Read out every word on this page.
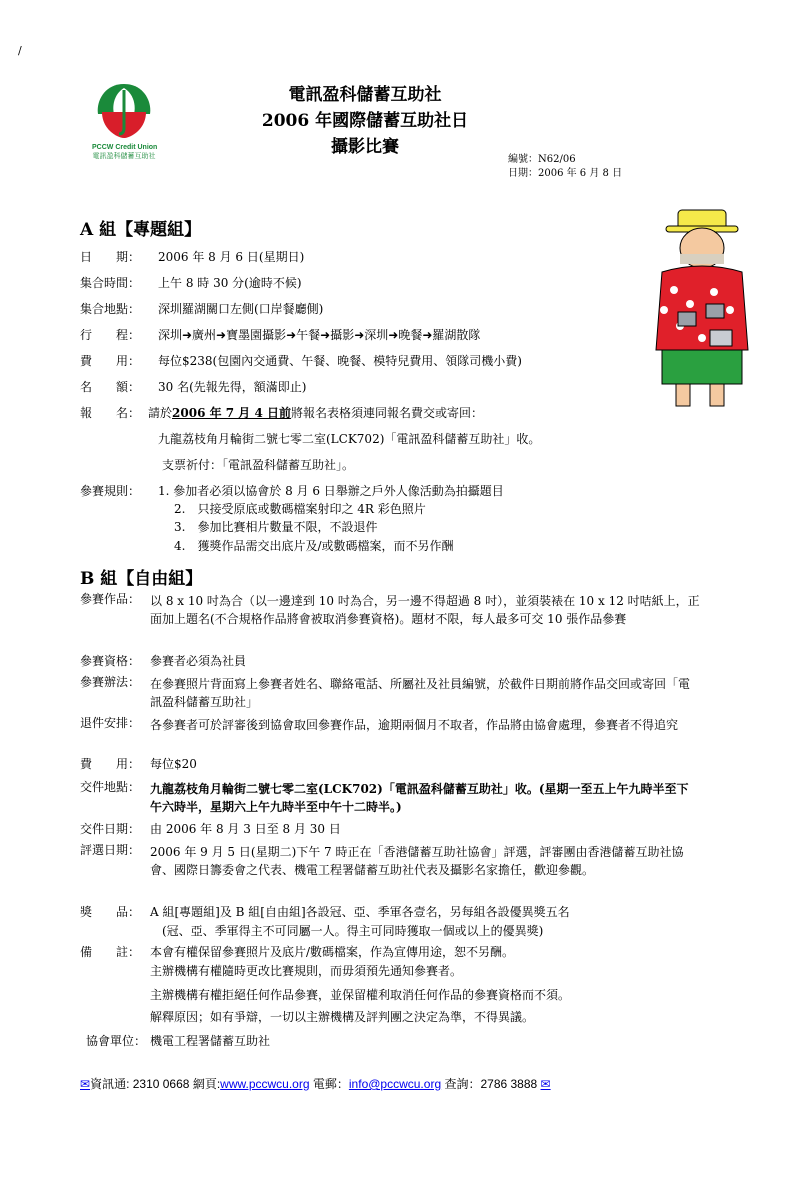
/
PCCW Credit Union
電訊盈科儲蓄互助社
電訊盈科儲蓄互助社
2006 年國際儲蓄互助社日
攝影比賽
編號：N62/06
日期：2006 年 6 月 8 日
A 組【專題組】
日　　期：	2006 年 8 月 6 日(星期日)
集合時間：	上午 8 時 30 分(逾時不候)
集合地點：	深圳羅湖關口左側(口岸餐廳側)
行　　程：	深圳➜廣州➜寶墨園攝影➜午餐➜攝影➜深圳➜晚餐➜羅湖散隊
費　　用：	每位$238(包園內交通費、午餐、晚餐、模特兒費用、領隊司機小費)
名　　額：	30 名(先報先得，額滿即止)
報　　名： 請於2006 年 7 月 4 日前將報名表格須連同報名費交或寄回：
九龍荔枝角月輪街二號七零二室(LCK702)「電訊盈科儲蓄互助社」收。
支票祈付：「電訊盈科儲蓄互助社」。
參賽規則：	1. 參加者必須以協會於 8 月 6 日舉辦之戶外人像活動為拍攝題目
2.　只接受原底或數碼檔案射印之 4R 彩色照片
3.　參加比賽相片數量不限，不設退件
4.　獲獎作品需交出底片及/或數碼檔案，而不另作酬
B 組【自由組】
參賽作品： 以 8 x 10 吋為合（以一邊達到 10 吋為合，另一邊不得超過 8 吋），並須裝裱在 10 x 12 吋咭紙上，正面加上題名(不合規格作品將會被取消參賽資格)。題材不限，每人最多可交 10 張作品參賽
參賽資格： 參賽者必須為社員
參賽辦法： 在參賽照片背面寫上參賽者姓名、聯絡電話、所屬社及社員編號，於截件日期前將作品交回或寄回「電訊盈科儲蓄互助社」
退件安排： 各參賽者可於評審後到協會取回參賽作品，逾期兩個月不取者，作品將由協會處理，參賽者不得追究
費　　用： 每位$20
交件地點： 九龍荔枝角月輪街二號七零二室(LCK702)「電訊盈科儲蓄互助社」收。(星期一至五上午九時半至下午六時半，星期六上午九時半至中午十二時半。)
交件日期： 由 2006 年 8 月 3 日至 8 月 30 日
評選日期： 2006 年 9 月 5 日(星期二)下午 7 時正在「香港儲蓄互助社協會」評選，評審團由香港儲蓄互助社協會、國際日籌委會之代表、機電工程署儲蓄互助社代表及攝影名家擔任，歡迎參觀。
獎　　品： A 組[專題組]及 B 組[自由組]各設冠、亞、季軍各壹名，另每組各設優異獎五名
(冠、亞、季軍得主不可同屬一人。得主可同時獲取一個或以上的優異獎)
備　　註： 本會有權保留參賽照片及底片/數碼檔案，作為宣傳用途，恕不另酬。
主辦機構有權隨時更改比賽規則，而毋須預先通知參賽者。
主辦機構有權拒絕任何作品參賽，並保留權利取消任何作品的參賽資格而不須。
解釋原因；如有爭辯，一切以主辦機構及評判團之決定為準，不得異議。
協會單位： 機電工程署儲蓄互助社
✉資訊通: 2310 0668 網頁:www.pccwcu.org 電郵：info@pccwcu.org 查詢：2786 3888 ✉
